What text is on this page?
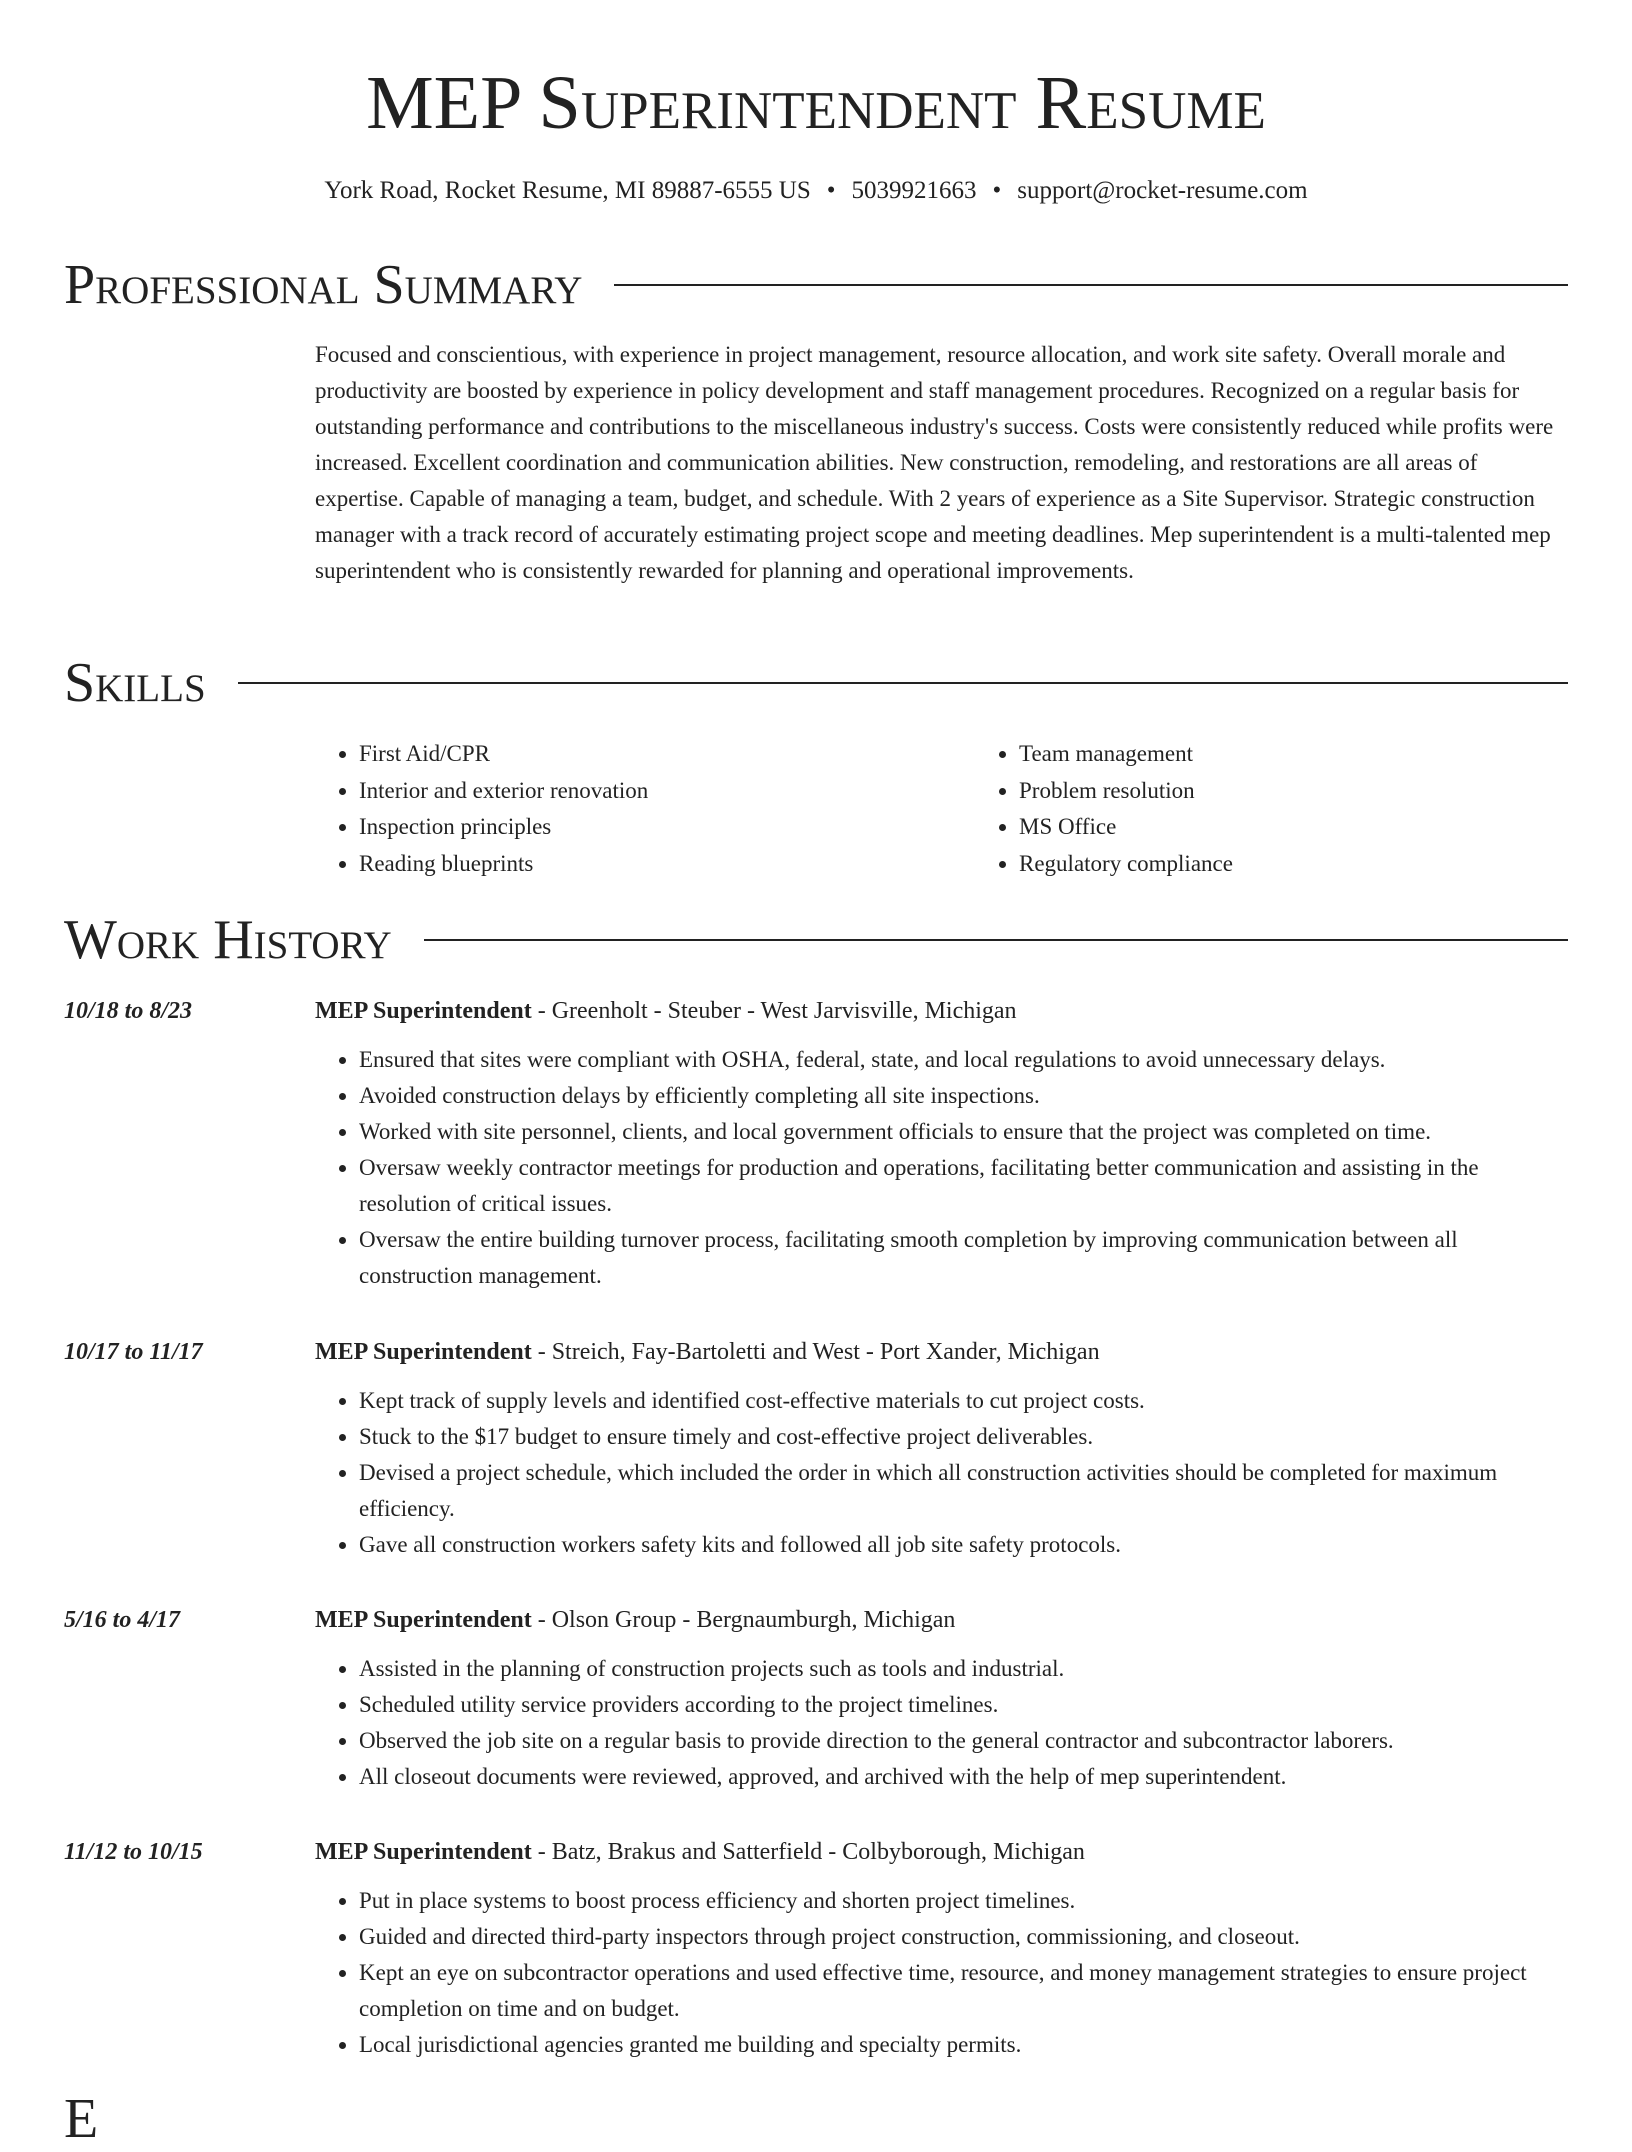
MEP Superintendent Resume
York Road, Rocket Resume, MI 89887-6555 US • 5039921663 • support@rocket-resume.com
Professional Summary

Focused and conscientious, with experience in project management, resource allocation, and work site safety. Overall morale and productivity are boosted by experience in policy development and staff management procedures. Recognized on a regular basis for outstanding performance and contributions to the miscellaneous industry's success. Costs were consistently reduced while profits were increased. Excellent coordination and communication abilities. New construction, remodeling, and restorations are all areas of expertise. Capable of managing a team, budget, and schedule. With 2 years of experience as a Site Supervisor. Strategic construction manager with a track record of accurately estimating project scope and meeting deadlines. Mep superintendent is a multi-talented mep superintendent who is consistently rewarded for planning and operational improvements.

Skills
• First Aid/CPR
• Interior and exterior renovation
• Inspection principles
• Reading blueprints
• Team management
• Problem resolution
• MS Office
• Regulatory compliance
Work History
10/18 to 8/23	MEP Superintendent - Greenholt - Steuber - West Jarvisville, Michigan
• Ensured that sites were compliant with OSHA, federal, state, and local regulations to avoid unnecessary delays.
• Avoided construction delays by efficiently completing all site inspections.
• Worked with site personnel, clients, and local government officials to ensure that the project was completed on time.
• Oversaw weekly contractor meetings for production and operations, facilitating better communication and assisting in the resolution of critical issues.
• Oversaw the entire building turnover process, facilitating smooth completion by improving communication between all construction management.
10/17 to 11/17	MEP Superintendent - Streich, Fay-Bartoletti and West - Port Xander, Michigan
• Kept track of supply levels and identified cost-effective materials to cut project costs.
• Stuck to the $17 budget to ensure timely and cost-effective project deliverables.
• Devised a project schedule, which included the order in which all construction activities should be completed for maximum efficiency.
• Gave all construction workers safety kits and followed all job site safety protocols.
5/16 to 4/17	MEP Superintendent - Olson Group - Bergnaumburgh, Michigan
• Assisted in the planning of construction projects such as tools and industrial.
• Scheduled utility service providers according to the project timelines.
• Observed the job site on a regular basis to provide direction to the general contractor and subcontractor laborers.
• All closeout documents were reviewed, approved, and archived with the help of mep superintendent.
11/12 to 10/15	MEP Superintendent - Batz, Brakus and Satterfield - Colbyborough, Michigan
• Put in place systems to boost process efficiency and shorten project timelines.
• Guided and directed third-party inspectors through project construction, commissioning, and closeout.
• Kept an eye on subcontractor operations and used effective time, resource, and money management strategies to ensure project completion on time and on budget.
• Local jurisdictional agencies granted me building and specialty permits.
E
